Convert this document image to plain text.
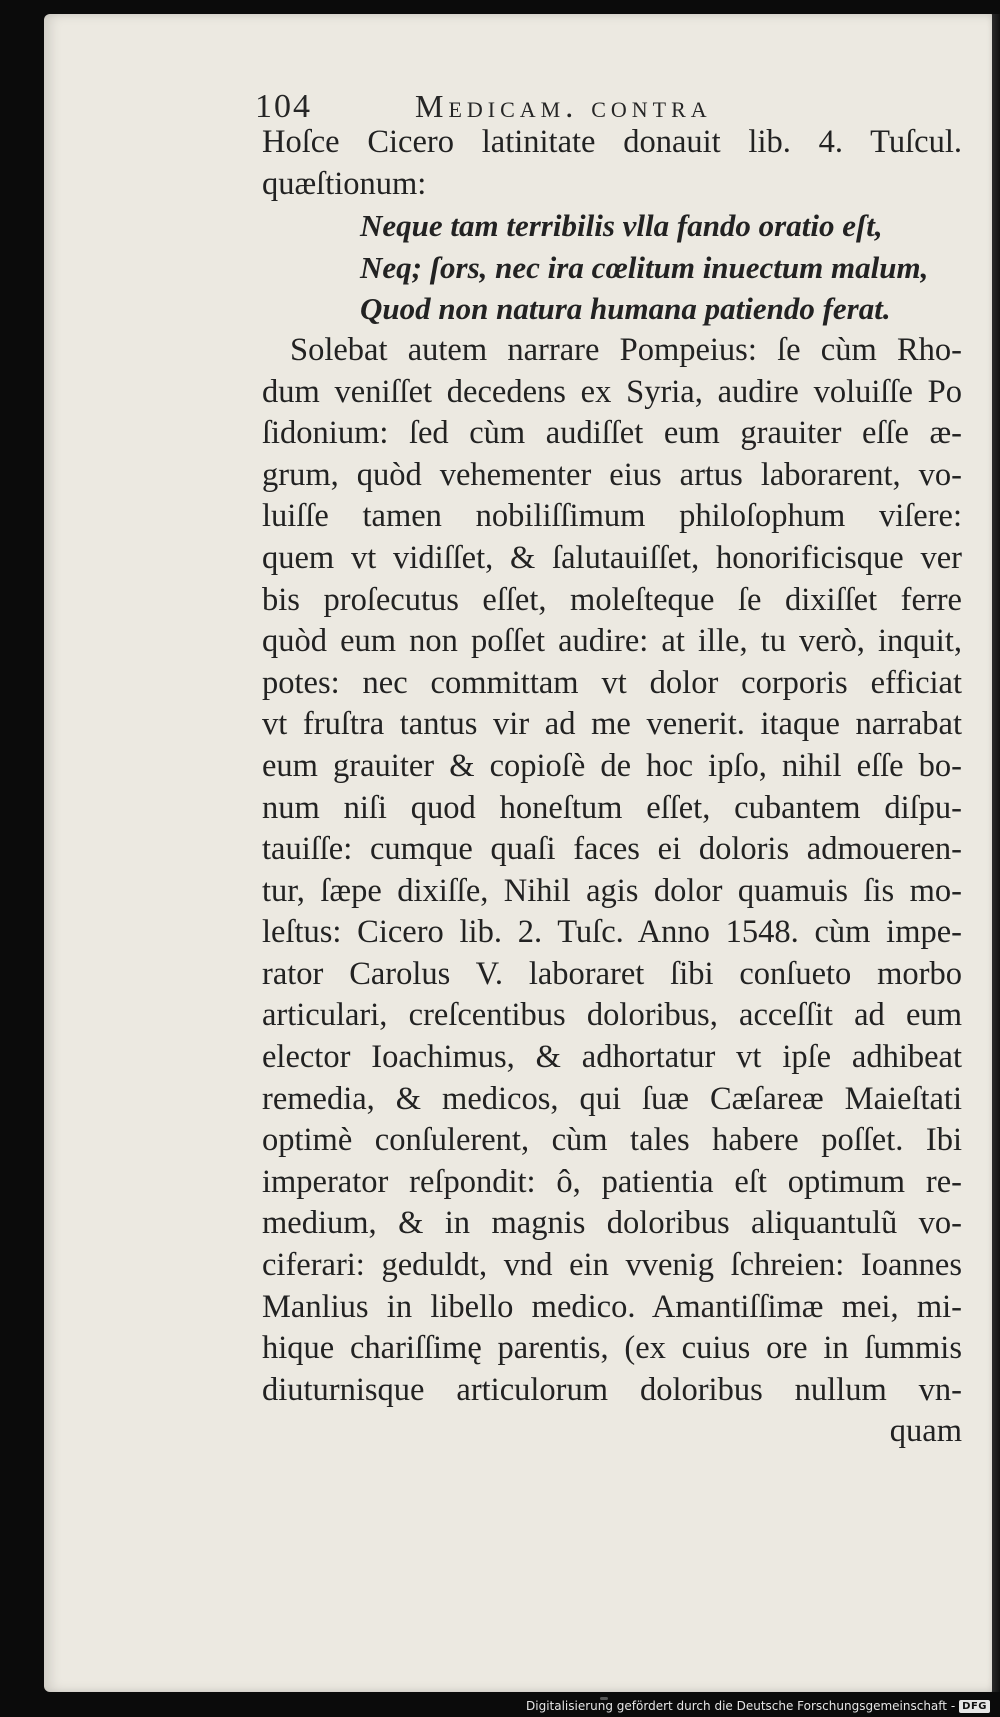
104	Medicam. contra
Hoſce Cicero latinitate donauit lib. 4. Tuſcul.
quæſtionum:
Neque tam terribilis vlla fando oratio eſt,
Neq; ſors, nec ira cœlitum inuectum malum,
Quod non natura humana patiendo ferat.
Solebat autem narrare Pompeius: ſe cùm Rho-
dum veniſſet decedens ex Syria, audire voluiſſe Po
ſidonium: ſed cùm audiſſet eum grauiter eſſe æ-
grum, quòd vehementer eius artus laborarent, vo-
luiſſe tamen nobiliſſimum philoſophum viſere:
quem vt vidiſſet, & ſalutauiſſet, honorificisque ver
bis proſecutus eſſet, moleſteque ſe dixiſſet ferre
quòd eum non poſſet audire: at ille, tu verò, inquit,
potes: nec committam vt dolor corporis efficiat
vt fruſtra tantus vir ad me venerit. itaque narrabat
eum grauiter & copioſè de hoc ipſo, nihil eſſe bo-
num niſi quod honeſtum eſſet, cubantem diſpu-
tauiſſe: cumque quaſi faces ei doloris admoueren-
tur, ſæpe dixiſſe, Nihil agis dolor quamuis ſis mo-
leſtus: Cicero lib. 2. Tuſc. Anno 1548. cùm impe-
rator Carolus V. laboraret ſibi conſueto morbo
articulari, creſcentibus doloribus, acceſſit ad eum
elector Ioachimus, & adhortatur vt ipſe adhibeat
remedia, & medicos, qui ſuæ Cæſareæ Maieſtati
optimè conſulerent, cùm tales habere poſſet. Ibi
imperator reſpondit: ô, patientia eſt optimum re-
medium, & in magnis doloribus aliquantulũ vo-
ciferari: geduldt, vnd ein vvenig ſchreien: Ioannes
Manlius in libello medico. Amantiſſimæ mei, mi-
hique chariſſimę parentis, (ex cuius ore in ſummis
diuturnisque articulorum doloribus nullum vn-
quam
Digitalisierung gefördert durch die Deutsche Forschungsgemeinschaft - DFG
